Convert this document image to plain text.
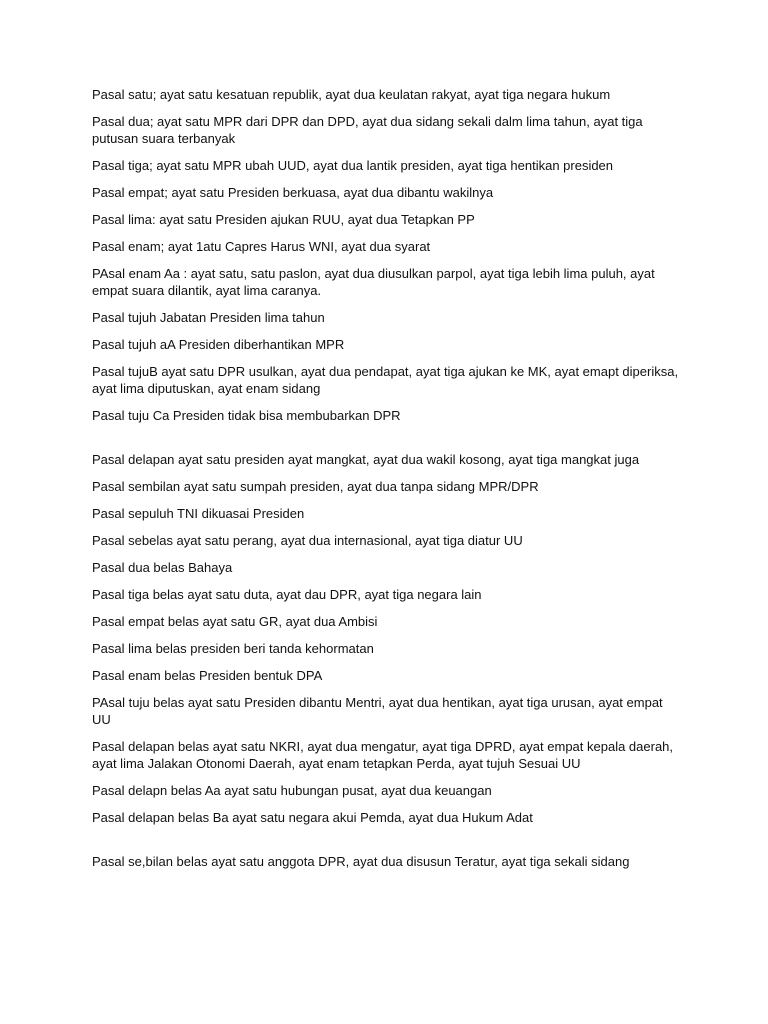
Pasal satu; ayat satu kesatuan republik, ayat dua keulatan rakyat, ayat tiga negara hukum

Pasal dua; ayat satu MPR dari DPR dan DPD, ayat dua sidang sekali dalm lima tahun, ayat tiga putusan suara terbanyak

Pasal tiga; ayat satu MPR ubah UUD, ayat dua lantik presiden, ayat tiga hentikan presiden

Pasal empat; ayat satu Presiden berkuasa, ayat dua dibantu wakilnya

Pasal lima: ayat satu Presiden ajukan RUU, ayat dua Tetapkan PP

Pasal enam; ayat 1atu Capres Harus WNI, ayat dua syarat

PAsal enam Aa : ayat satu, satu paslon, ayat dua diusulkan parpol, ayat tiga lebih lima puluh, ayat empat suara dilantik, ayat lima caranya.

Pasal tujuh Jabatan Presiden lima tahun

Pasal tujuh aA Presiden diberhantikan MPR

Pasal tujuB ayat satu DPR usulkan, ayat dua pendapat, ayat tiga ajukan ke MK, ayat emapt diperiksa, ayat lima diputuskan, ayat enam sidang

Pasal tuju Ca Presiden tidak bisa membubarkan DPR

Pasal delapan ayat satu presiden ayat mangkat, ayat dua wakil kosong, ayat tiga mangkat juga

Pasal sembilan ayat satu sumpah presiden, ayat dua tanpa sidang MPR/DPR

Pasal sepuluh TNI dikuasai Presiden

Pasal sebelas ayat satu perang, ayat dua internasional, ayat tiga diatur UU

Pasal dua belas Bahaya

Pasal tiga belas ayat satu duta, ayat dau DPR, ayat tiga negara lain

Pasal empat belas ayat satu GR, ayat dua Ambisi

Pasal lima belas presiden beri tanda kehormatan

Pasal enam belas Presiden bentuk DPA

PAsal tuju belas ayat satu Presiden dibantu Mentri, ayat dua hentikan, ayat tiga urusan, ayat empat UU

Pasal delapan belas ayat satu NKRI, ayat dua mengatur, ayat tiga DPRD, ayat empat kepala daerah, ayat lima Jalakan Otonomi Daerah, ayat enam tetapkan Perda, ayat tujuh Sesuai UU

Pasal delapn belas Aa ayat satu hubungan pusat, ayat dua keuangan

Pasal delapan belas Ba ayat satu negara akui Pemda, ayat dua Hukum Adat

Pasal se,bilan belas ayat satu anggota DPR, ayat dua disusun Teratur, ayat tiga sekali sidang
